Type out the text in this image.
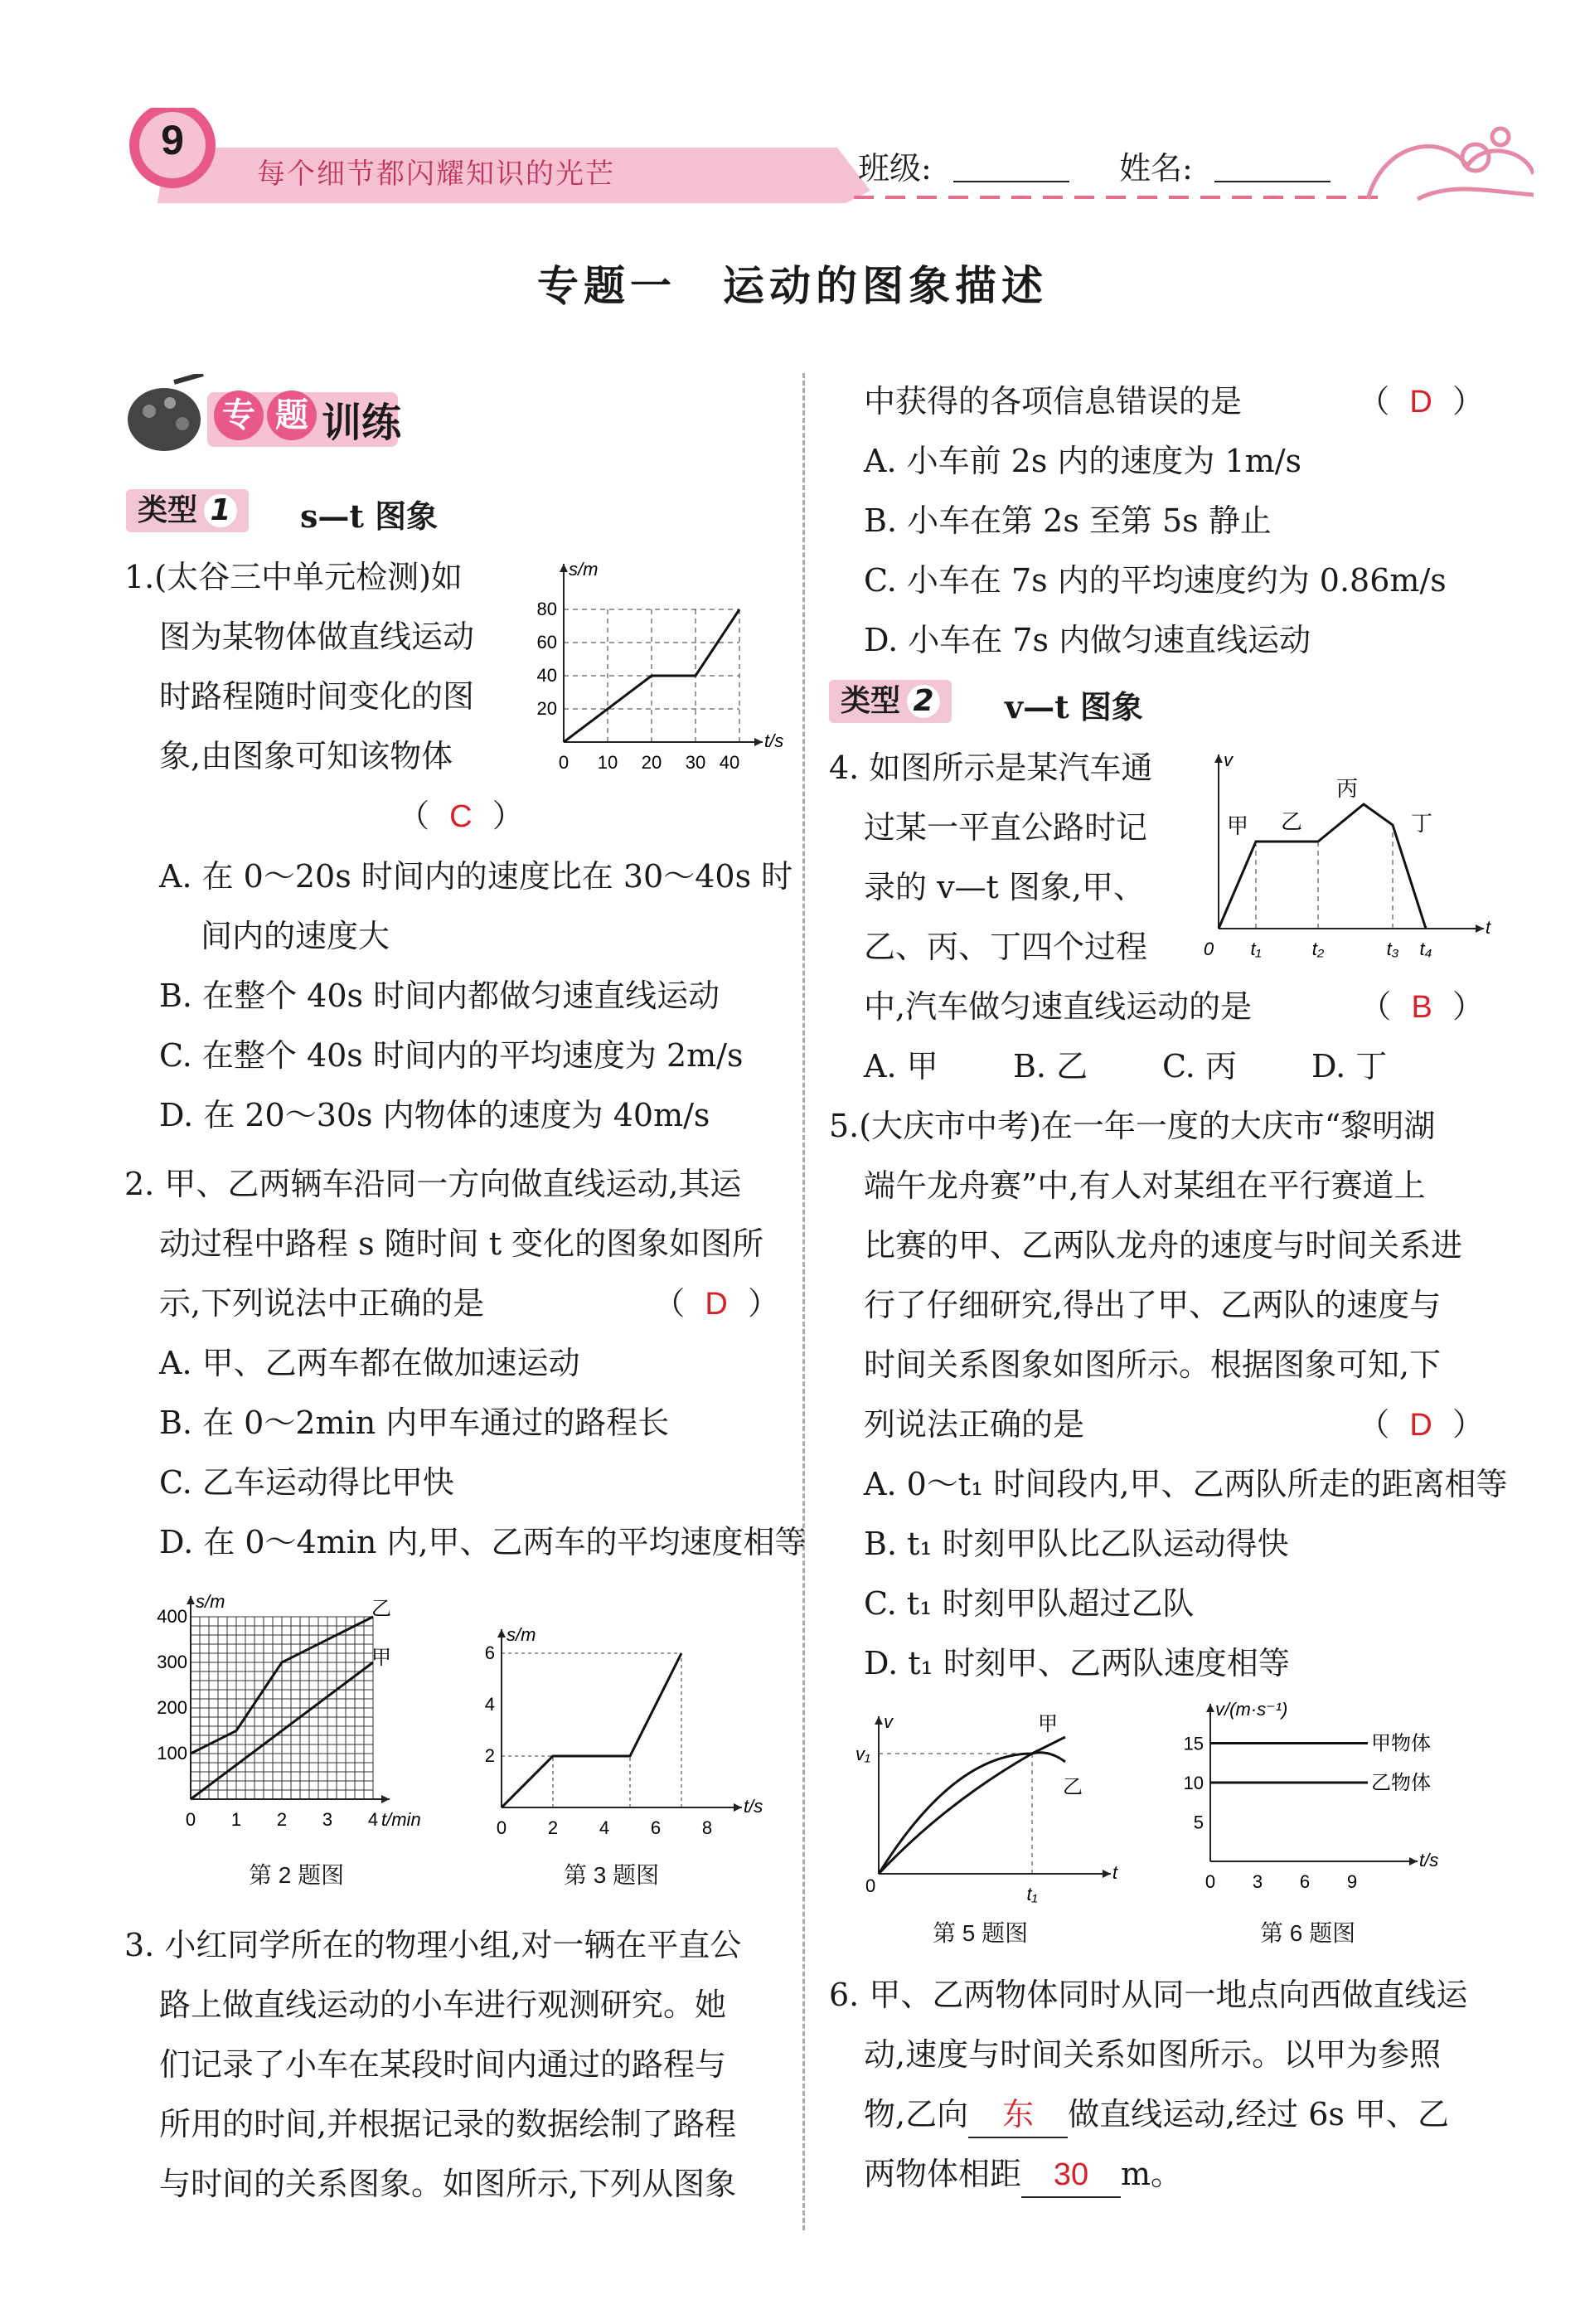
9
每个细节都闪耀知识的光芒	班级:	姓名:
专题一　运动的图象描述
专 题 训练
类型 1	s—t 图象

1.(太谷三中单元检测)如

图为某物体做直线运动

时路程随时间变化的图

象,由图象可知该物体

（  C  ）

A. 在 0～20s 时间内的速度比在 30～40s 时

间内的速度大

B. 在整个 40s 时间内都做匀速直线运动

C. 在整个 40s 时间内的平均速度为 2m/s

D. 在 20～30s 内物体的速度为 40m/s

t/s
s/m
20
40
60
80
0 10 20 30 40

2. 甲、乙两辆车沿同一方向做直线运动,其运

动过程中路程 s 随时间 t 变化的图象如图所

示,下列说法中正确的是	（  D  ）

A. 甲、乙两车都在做加速运动

B. 在 0～2min 内甲车通过的路程长

C. 乙车运动得比甲快

D. 在 0～4min 内,甲、乙两车的平均速度相等

s/m
100
200
300
400
0 1 2 3 4 t/min
乙
甲
第 2 题图
t/s
s/m
2
4
6
0 2 4 6 8
第 3 题图

3. 小红同学所在的物理小组,对一辆在平直公

路上做直线运动的小车进行观测研究。她

们记录了小车在某段时间内通过的路程与

所用的时间,并根据记录的数据绘制了路程

与时间的关系图象。如图所示,下列从图象

中获得的各项信息错误的是	（  D  ）

A. 小车前 2s 内的速度为 1m/s

B. 小车在第 2s 至第 5s 静止

C. 小车在 7s 内的平均速度约为 0.86m/s

D. 小车在 7s 内做匀速直线运动

类型 2	v—t 图象

4. 如图所示是某汽车通

过某一平直公路时记

录的 v—t 图象,甲、

乙、丙、丁四个过程

中,汽车做匀速直线运动的是	（  B  ）

A. 甲 B. 乙 C. 丙 D. 丁

t
v
0 t₁	t₂	t₃ t₄
甲 乙
丙
丁

5.(大庆市中考)在一年一度的大庆市“黎明湖

端午龙舟赛”中,有人对某组在平行赛道上

比赛的甲、乙两队龙舟的速度与时间关系进

行了仔细研究,得出了甲、乙两队的速度与

时间关系图象如图所示。根据图象可知,下

列说法正确的是	（  D  ）

A. 0～t₁ 时间段内,甲、乙两队所走的距离相等

B. t₁ 时刻甲队比乙队运动得快

C. t₁ 时刻甲队超过乙队

D. t₁ 时刻甲、乙两队速度相等

t
v
v₁
0	t₁
甲
乙
第 5 题图
t/s
v/(m·s⁻¹)
5
10
15
0 3 6 9
甲物体
乙物体
第 6 题图

6. 甲、乙两物体同时从同一地点向西做直线运

动,速度与时间关系如图所示。以甲为参照

物,乙向 东 做直线运动,经过 6s 甲、乙

两物体相距 30 m。
